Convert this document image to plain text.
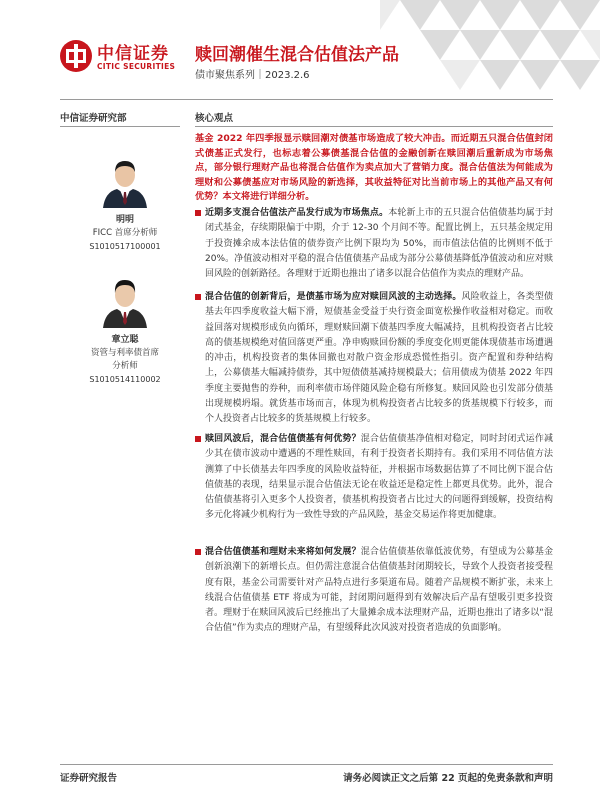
中信证券
CITIC SECURITIES
赎回潮催生混合估值法产品
债市聚焦系列｜2023.2.6
中信证券研究部	核心观点
明明
FICC 首席分析师
S1010517100001
章立聪
资管与利率债首席
分析师
S1010514110002
基金 2022 年四季报显示赎回潮对债基市场造成了较大冲击。而近期五只混合估值封闭式债基正式发行，也标志着公募债基混合估值的金融创新在赎回潮后重新成为市场焦点，部分银行理财产品也将混合估值作为卖点加大了营销力度。混合估值法为何能成为理财和公募债基应对市场风险的新选择，其收益特征对比当前市场上的其他产品又有何优势？本文将进行详细分析。
近期多支混合估值法产品发行成为市场焦点。本轮新上市的五只混合估值债基均属于封闭式基金，存续期限偏于中期，介于 12-30 个月间不等。配置比例上，五只基金规定用于投资摊余成本法估值的债券资产比例下限均为 50%，而市值法估值的比例则不低于 20%。净值波动相对平稳的混合估值债基产品成为部分公募债基降低净值波动和应对赎回风险的创新路径。各理财于近期也推出了诸多以混合估值作为卖点的理财产品。
混合估值的创新背后，是债基市场为应对赎回风波的主动选择。风险收益上，各类型债基去年四季度收益大幅下滑，短债基金受益于央行资金面宽松操作收益相对稳定。而收益回落对规模形成负向循环，理财赎回潮下债基四季度大幅减持，且机构投资者占比较高的债基规模绝对值回落更严重。净申购赎回份额的季度变化则更能体现债基市场遭遇的冲击，机构投资者的集体回撤也对散户资金形成恐慌性指引。资产配置和券种结构上，公募债基大幅减持债券，其中短债债基减持规模最大；信用债成为债基 2022 年四季度主要抛售的券种，而利率债市场伴随风险企稳有所修复。赎回风险也引发部分债基出现规模坍塌。就货基市场而言，体现为机构投资者占比较多的货基规模下行较多，而个人投资者占比较多的货基规模上行较多。
赎回风波后，混合估值债基有何优势？混合估值债基净值相对稳定，同时封闭式运作减少其在债市波动中遭遇的不理性赎回，有利于投资者长期持有。我们采用不同估值方法测算了中长债基去年四季度的风险收益特征，并根据市场数据估算了不同比例下混合估值债基的表现，结果显示混合估值法无论在收益还是稳定性上都更具优势。此外，混合估值债基将引入更多个人投资者，债基机构投资者占比过大的问题得到缓解，投资结构多元化将减少机构行为一致性导致的产品风险，基金交易运作将更加健康。
混合估值债基和理财未来将如何发展？混合估值债基依靠低波优势，有望成为公募基金创新浪潮下的新增长点。但仍需注意混合估值债基封闭期较长，导致个人投资者接受程度有限，基金公司需要针对产品特点进行多渠道布局。随着产品规模不断扩张，未来上线混合估值债基 ETF 将成为可能，封闭期问题得到有效解决后产品有望吸引更多投资者。理财于在赎回风波后已经推出了大量摊余成本法理财产品，近期也推出了诸多以“混合估值”作为卖点的理财产品，有望缓释此次风波对投资者造成的负面影响。
证券研究报告	请务必阅读正文之后第 22 页起的免责条款和声明
